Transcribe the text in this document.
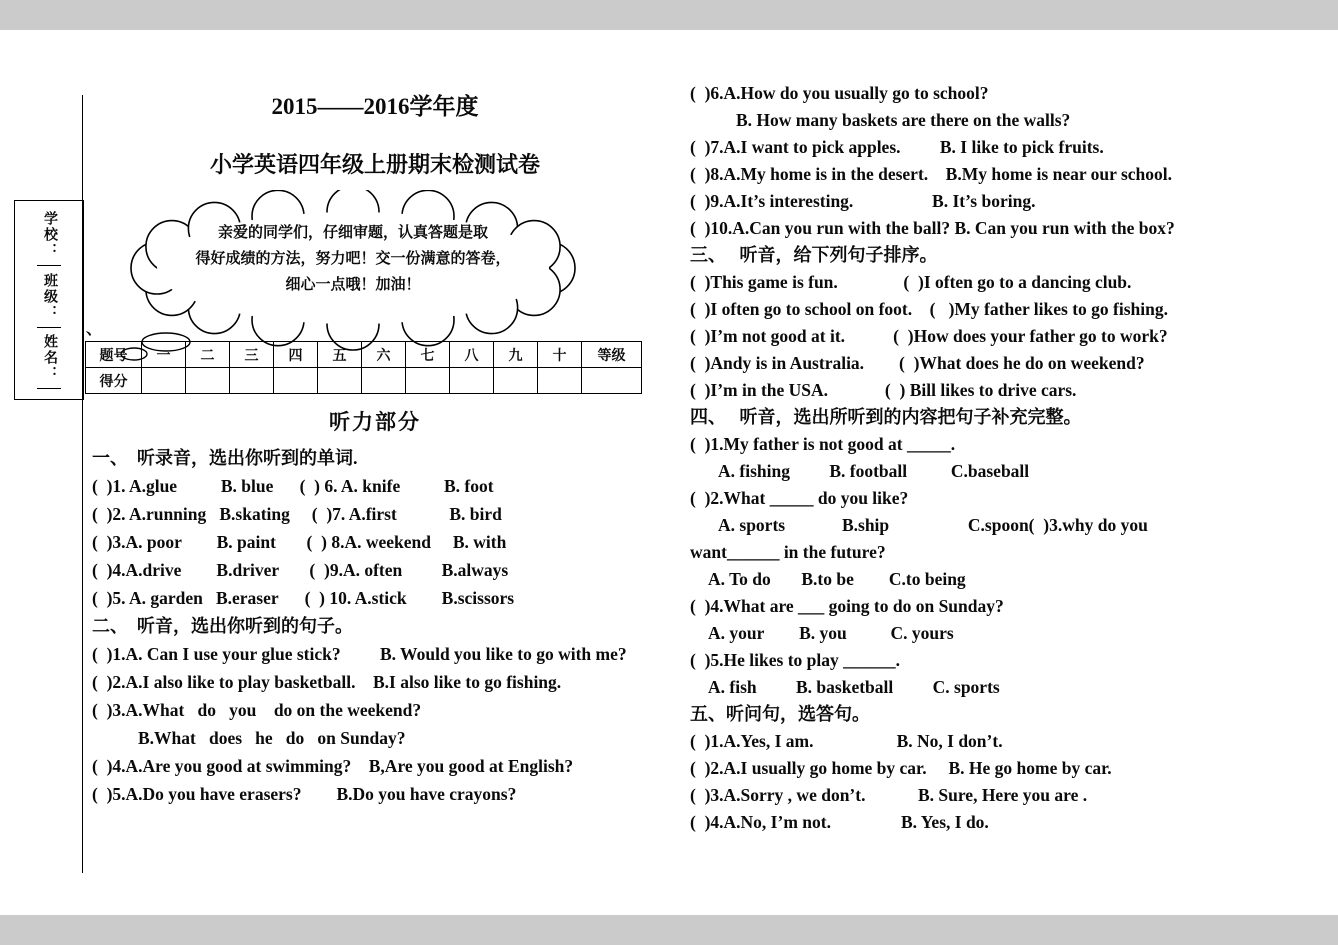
学校：
班级：
姓名：
2015——2016学年度
小学英语四年级上册期末检测试卷
亲爱的同学们，仔细审题，认真答题是取
得好成绩的方法，努力吧！交一份满意的答卷，
细心一点哦！加油！
、
题号	一	二	三	四	五	六	七	八	九	十	等级
得分											
听力部分
一、  听录音，选出你听到的单词.
(  )1. A.glue          B. blue      (  ) 6. A. knife          B. foot
(  )2. A.running   B.skating     (  )7. A.first            B. bird
(  )3.A. poor        B. paint       (  ) 8.A. weekend     B. with
(  )4.A.drive        B.driver       (  )9.A. often         B.always
(  )5. A. garden   B.eraser      (  ) 10. A.stick        B.scissors
二、  听音，选出你听到的句子。
(  )1.A. Can I use your glue stick?         B. Would you like to go with me?
(  )2.A.I also like to play basketball.    B.I also like to go fishing.
(  )3.A.What   do   you    do on the weekend?
B.What   does   he   do   on Sunday?
(  )4.A.Are you good at swimming?    B,Are you good at English?
(  )5.A.Do you have erasers?        B.Do you have crayons?
(  )6.A.How do you usually go to school?
B. How many baskets are there on the walls?
(  )7.A.I want to pick apples.         B. I like to pick fruits.
(  )8.A.My home is in the desert.    B.My home is near our school.
(  )9.A.It’s interesting.                  B. It’s boring.
(  )10.A.Can you run with the ball? B. Can you run with the box?
三、   听音，给下列句子排序。
(  )This game is fun.               (  )I often go to a dancing club.
(  )I often go to school on foot.    (   )My father likes to go fishing.
(  )I’m not good at it.           (  )How does your father go to work?
(  )Andy is in Australia.        (  )What does he do on weekend?
(  )I’m in the USA.             (  ) Bill likes to drive cars.
四、   听音，选出所听到的内容把句子补充完整。
(  )1.My father is not good at _____.
A. fishing         B. football          C.baseball
(  )2.What _____ do you like?
A. sports             B.ship                  C.spoon(  )3.why do you
want______ in the future?
A. To do       B.to be        C.to being
(  )4.What are ___ going to do on Sunday?
A. your        B. you          C. yours
(  )5.He likes to play ______.
A. fish         B. basketball         C. sports
五、听问句，选答句。
(  )1.A.Yes, I am.                   B. No, I don’t.
(  )2.A.I usually go home by car.     B. He go home by car.
(  )3.A.Sorry , we don’t.            B. Sure, Here you are .
(  )4.A.No, I’m not.                B. Yes, I do.
